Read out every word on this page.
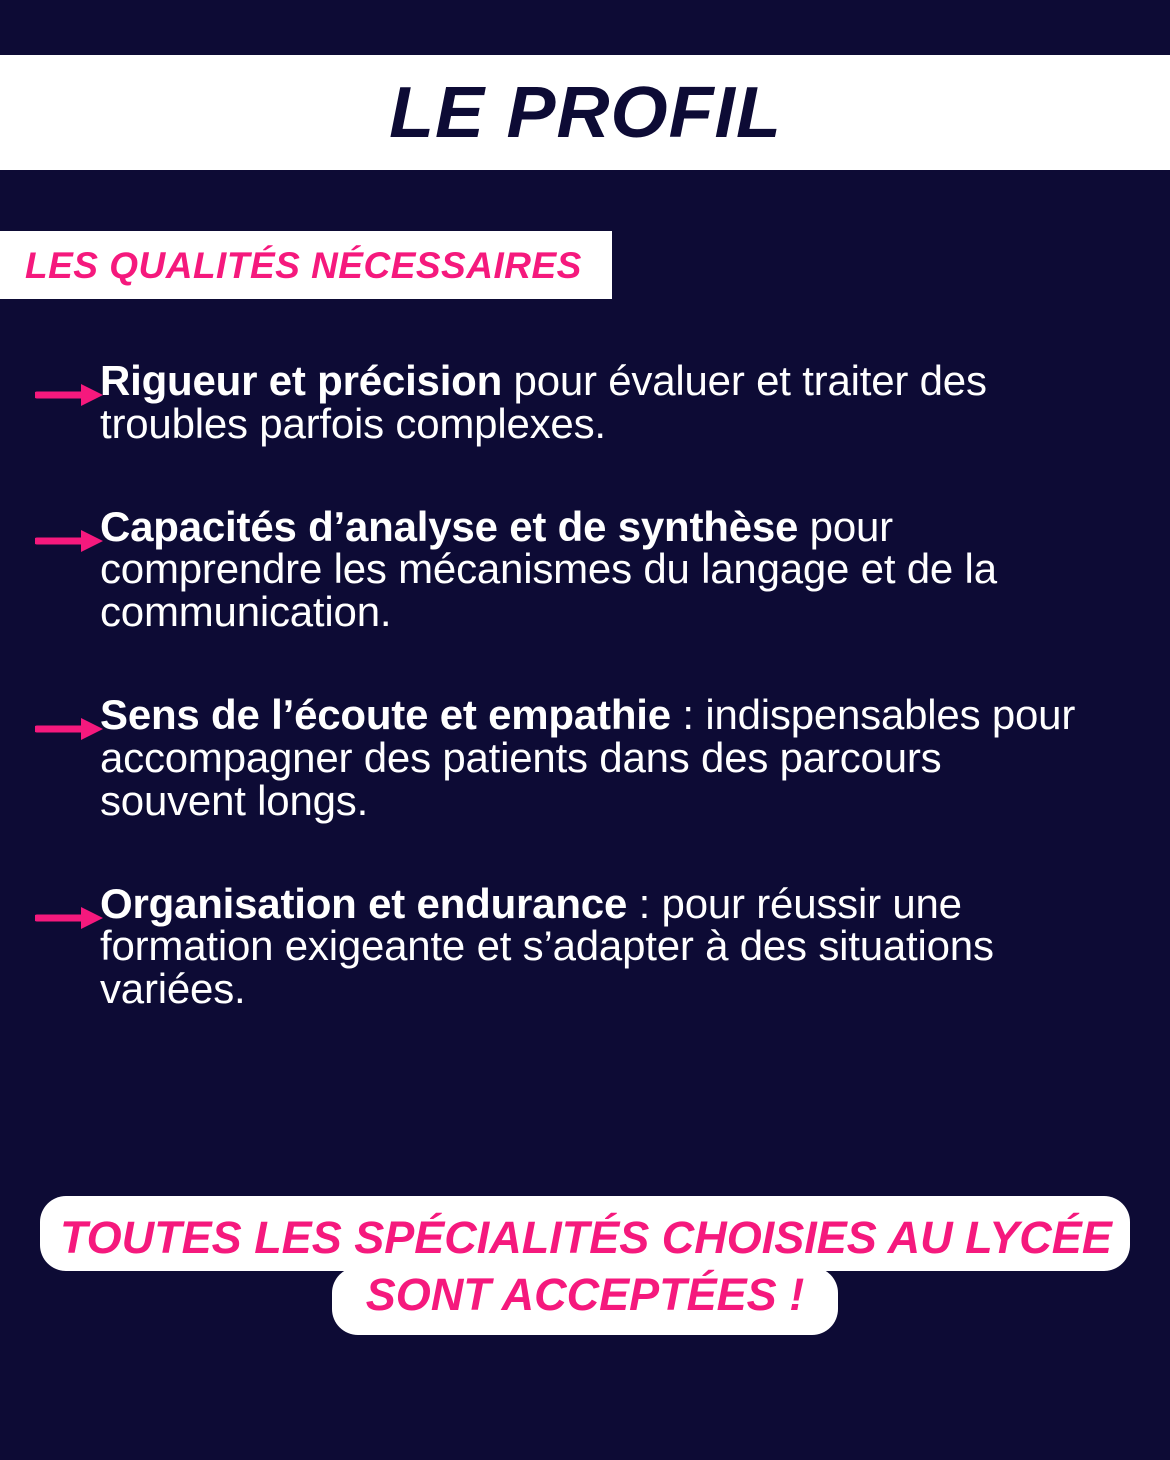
LE PROFIL
LES QUALITÉS NÉCESSAIRES
Rigueur et précision pour évaluer et traiter des troubles parfois complexes.
Capacités d’analyse et de synthèse pour comprendre les mécanismes du langage et de la communication.
Sens de l’écoute et empathie : indispensables pour accompagner des patients dans des parcours souvent longs.
Organisation et endurance : pour réussir une formation exigeante et s’adapter à des situations variées.
TOUTES LES SPÉCIALITÉS CHOISIES AU LYCÉE
SONT ACCEPTÉES !
